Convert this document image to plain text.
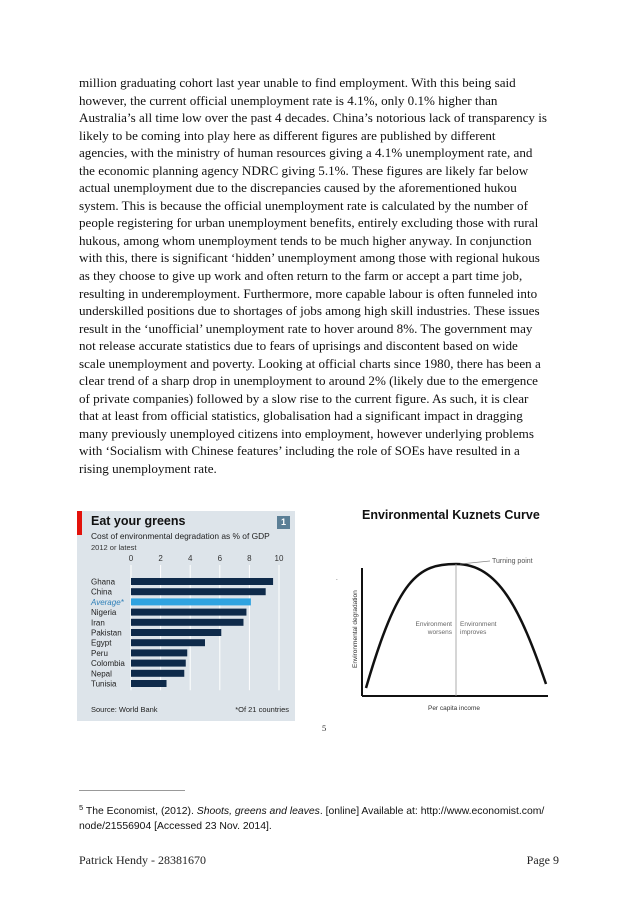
million graduating cohort last year unable to find employment. With this being said
however, the current official unemployment rate is 4.1%, only 0.1% higher than
Australia’s all time low over the past 4 decades. China’s notorious lack of transparency is
likely to be coming into play here as different figures are published by different
agencies, with the ministry of human resources giving a 4.1% unemployment rate, and
the economic planning agency NDRC giving 5.1%. These figures are likely far below
actual unemployment due to the discrepancies caused by the aforementioned hukou
system. This is because the official unemployment rate is calculated by the number of
people registering for urban unemployment benefits, entirely excluding those with rural
hukous, among whom unemployment tends to be much higher anyway. In conjunction
with this, there is significant ‘hidden’ unemployment among those with regional hukous
as they choose to give up work and often return to the farm or accept a part time job,
resulting in underemployment. Furthermore, more capable labour is often funneled into
underskilled positions due to shortages of jobs among high skill industries. These issues
result in the ‘unofficial’ unemployment rate to hover around 8%. The government may
not release accurate statistics due to fears of uprisings and discontent based on wide
scale unemployment and poverty. Looking at official charts since 1980, there has been a
clear trend of a sharp drop in unemployment to around 2% (likely due to the emergence
of private companies) followed by a slow rise to the current figure. As such, it is clear
that at least from official statistics, globalisation had a significant impact in dragging
many previously unemployed citizens into employment, however underlying problems
with ‘Socialism with Chinese features’ including the role of SOEs have resulted in a
rising unemployment rate.
Eat your greens
Cost of environmental degradation as % of GDP
2012 or latest
1
0	2	4	6	8	10
Ghana
China
Average*
Nigeria
Iran
Pakistan
Egypt
Peru
Colombia
Nepal
Tunisia
Source: World Bank	*Of 21 countries
Environmental Kuznets Curve
.
Turning point
Environment worsens
Environment improves
Environmental degradation
Per capita income
5
$^5$ The Economist, (2012). Shoots, greens and leaves. [online] Available at: http://www.economist.com/
node/21556904 [Accessed 23 Nov. 2014].
Patrick Hendy - 28381670	Page 9
